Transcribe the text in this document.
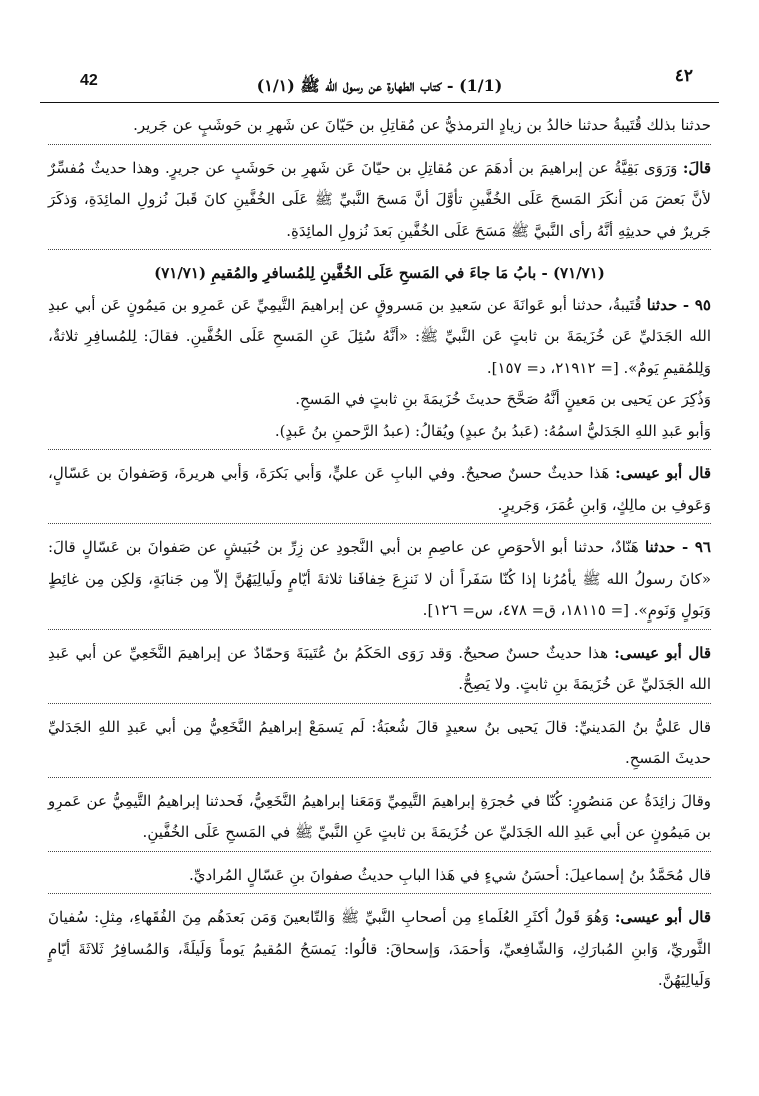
42	(1/1) - كتاب الطهارة عن رسول الله ﷺ (١/١)
٤٢

حدثنا بذلك قُتَيبةُ حدثنا خالدُ بن زيادٍ الترمذيُّ عن مُقاتِلِ بن حَيّانَ عن شَهرِ بن حَوشَبٍ عن جَرير.

قالَ: وَرَوَى بَقِيَّةُ عن إبراهيمَ بن أدهَمَ عن مُقاتِلِ بن حيّانَ عَن شَهرِ بن حَوشَبٍ عن جريرٍ. وهذا حديثٌ مُفسِّرٌ لأنَّ بَعضَ مَن أنكَرَ المَسحَ عَلَى الخُفَّينِ تأوَّلَ أنَّ مَسحَ النَّبيِّ ﷺ عَلَى الخُفَّينِ كانَ قَبلَ نُزولِ المائِدَةِ، وَذكَرَ جَريرٌ في حديثِهِ أنَّهُ رأى النَّبيَّ ﷺ مَسَحَ عَلَى الخُفَّينِ بَعدَ نُزولِ المائِدَةِ.

(٧١/٧١) - بابُ مَا جاءَ في المَسحِ عَلَى الخُفَّينِ لِلمُسافرِ والمُقيمِ (٧١/٧١)

٩٥ - حدثنا قُتَيبةُ، حدثنا أبو عَوانَةَ عن سَعيدِ بن مَسروقٍ عن إبراهيمَ التَّيمِيِّ عَن عَمرِو بن مَيمُونٍ عَن أبي عبدِ الله الجَدَليِّ عَن خُزَيمَةَ بن ثابتٍ عَن النَّبيِّ ﷺ: «أنَّهُ سُئِلَ عَنِ المَسحِ عَلَى الخُفَّينِ. فقالَ: لِلمُسافِرِ ثلاثةٌ، وَلِلمُقيمِ يَومٌ». [= ٢١٩١٢، د= ١٥٧].

وَذُكِرَ عن يَحيى بن مَعينٍ أنَّهُ صَحَّحَ حديثَ خُزَيمَةَ بنِ ثابتٍ في المَسحِ.

وَأبو عَبدِ اللهِ الجَدَليُّ اسمُهُ: (عَبدُ بنُ عبدٍ) ويُقالُ: (عبدُ الرَّحمنِ بنُ عَبدٍ).

قال أبو عيسى: هَذا حديثٌ حسنٌ صحيحٌ. وفي البابِ عَن عليٍّ، وَأبي بَكرَةَ، وَأبي هريرةَ، وَصَفوانَ بن عَسّالٍ، وَعَوفِ بن مالِكٍ، وَابنِ عُمَرَ، وَجَريرٍ.

٩٦ - حدثنا هَنّادٌ، حدثنا أبو الأحوَصِ عن عاصِمِ بن أبي النَّجودِ عن زِرِّ بن حُبَيشٍ عن صَفوانَ بن عَسّالٍ قالَ: «كانَ رسولُ الله ﷺ يأمُرُنا إذا كُنّا سَفَراً أن لا نَنزِعَ خِفافَنا ثلاثةَ أيّامٍ ولَيالِيَهُنَّ إلاّ مِن جَنابَةٍ، وَلكِن مِن غائِطٍ وَبَولٍ وَنَومٍ». [= ١٨١١٥، ق= ٤٧٨، س= ١٢٦].

قال أبو عيسى: هذا حديثٌ حسنٌ صحيحٌ. وَقد رَوَى الحَكَمُ بنُ عُتَيبَةَ وَحمّادٌ عن إبراهيمَ النَّخَعِيِّ عن أبي عَبدِ الله الجَدَليِّ عَن خُزَيمَةَ بنِ ثابتٍ. ولا يَصِحُّ.

قال عَليُّ بنُ المَدينيِّ: قالَ يَحيى بنُ سعيدٍ قالَ شُعبَةُ: لَم يَسمَعْ إبراهيمُ النَّخَعِيُّ مِن أبي عَبدِ اللهِ الجَدَليِّ حديثَ المَسحِ.

وقالَ زائِدَةُ عن مَنصُورٍ: كُنّا في حُجرَةِ إبراهيمَ التَّيمِيِّ وَمَعَنا إبراهيمُ النَّخَعِيُّ، فَحدثنا إبراهيمُ التَّيمِيُّ عن عَمرِو بن مَيمُونٍ عن أبي عَبدِ الله الجَدَليِّ عن خُزَيمَةَ بن ثابتٍ عَنِ النَّبيِّ ﷺ في المَسحِ عَلَى الخُفَّينِ.

قال مُحَمَّدُ بنُ إسماعيلَ: أحسَنُ شيءٍ في هَذا البابِ حديثُ صفوانَ بنِ عَسّالٍ المُراديِّ.

قال أبو عيسى: وَهُوَ قَولُ أكثَرِ العُلَماءِ مِن أصحابِ النَّبيِّ ﷺ وَالتّابعينَ وَمَن بَعدَهُم مِنَ الفُقَهاءِ، مِثلِ: سُفيانَ الثَّوريِّ، وَابنِ المُبارَكِ، وَالشّافِعيِّ، وَأحمَدَ، وَإسحاقَ: قالُوا: يَمسَحُ المُقيمُ يَوماً وَلَيلَةً، وَالمُسافِرُ ثَلاثَةَ أيّامٍ وَلَيالِيَهُنَّ.
